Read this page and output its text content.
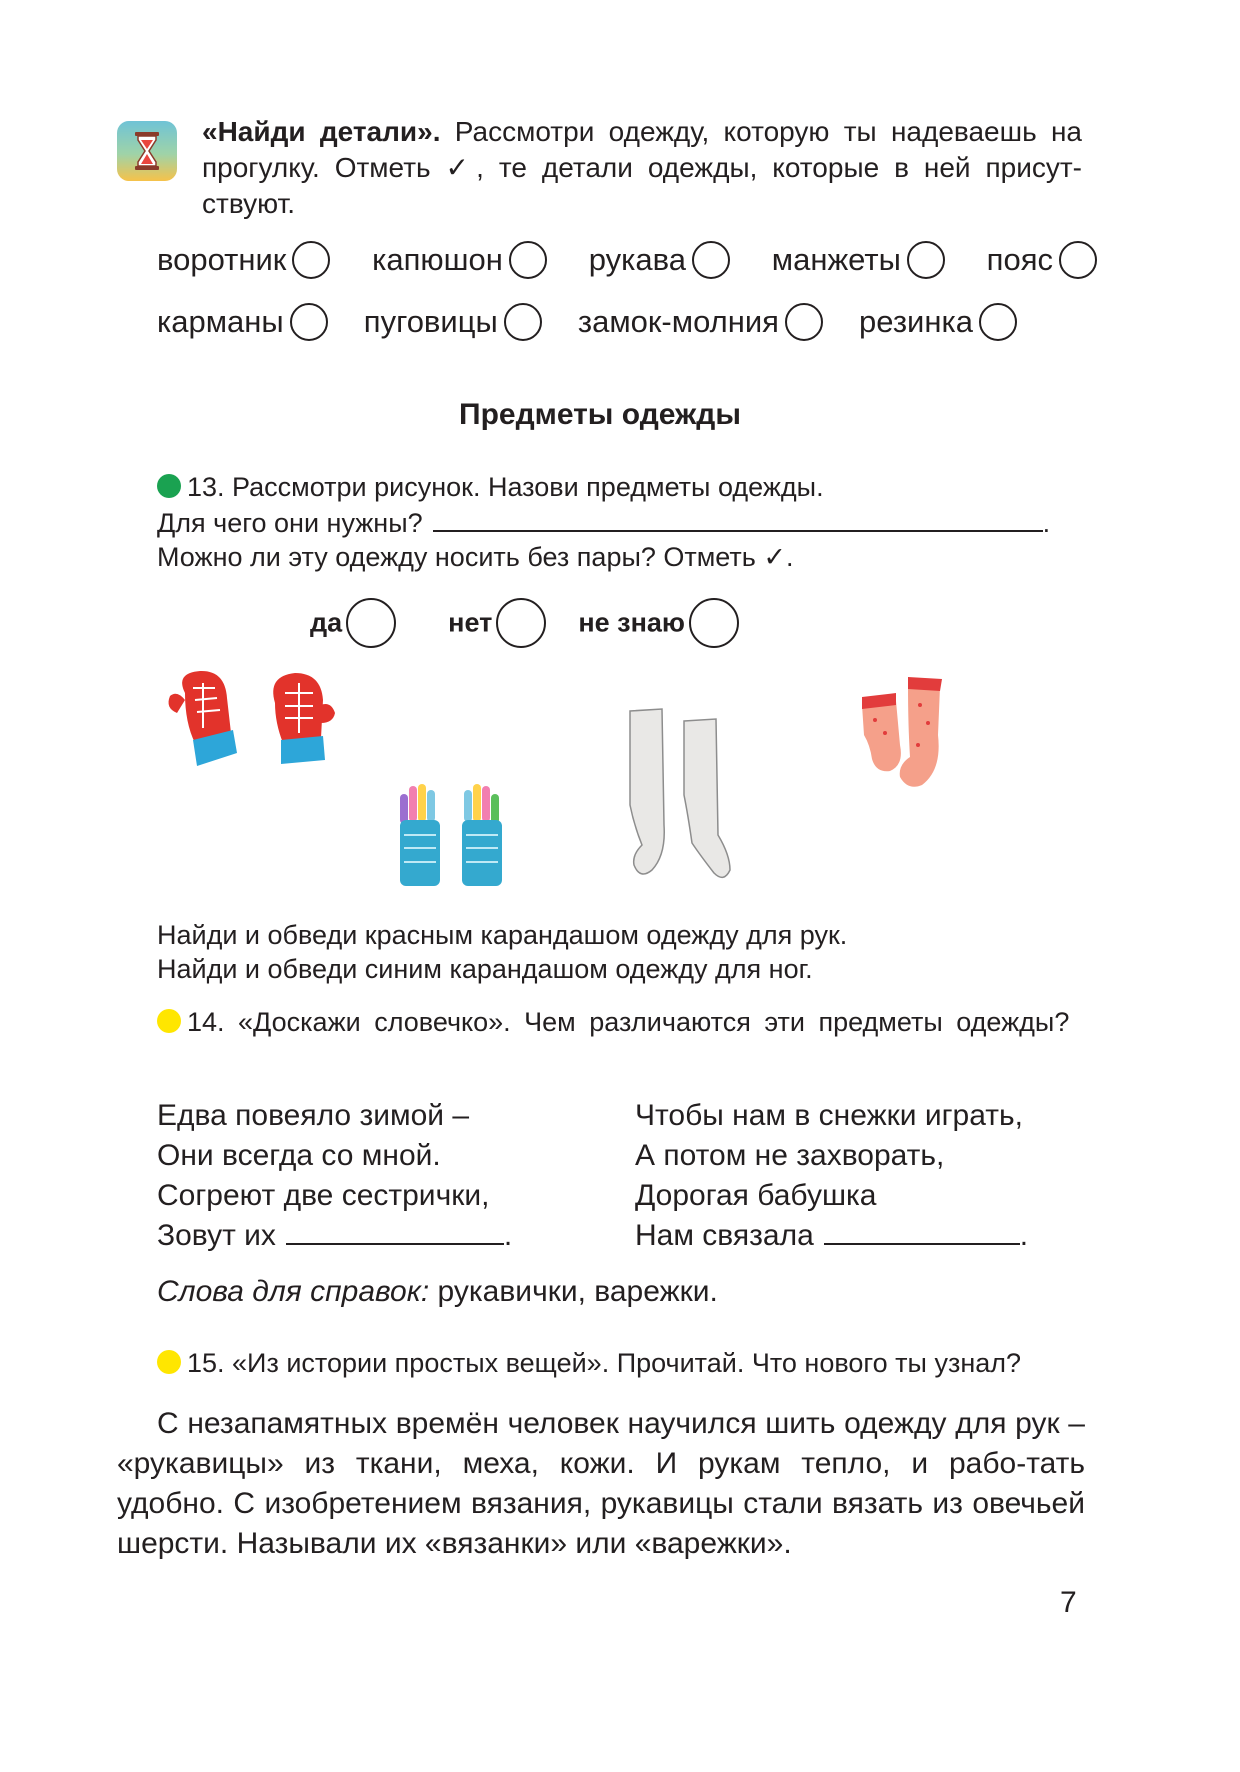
«Найди детали». Рассмотри одежду, которую ты надеваешь на прогулку. Отметь ✓, те детали одежды, которые в ней присут-ствуют.
воротник	капюшон	рукава	манжеты	пояс
карманы	пуговицы	замок-молния	резинка
Предметы одежды
13. Рассмотри рисунок. Назови предметы одежды.
Для чего они нужны?	.
Можно ли эту одежду носить без пары? Отметь ✓.
да	нет	не знаю
Найди и обведи красным карандашом одежду для рук.
Найди и обведи синим карандашом одежду для ног.
14. «Доскажи словечко». Чем различаются эти предметы одежды?
Едва повеяло зимой –
Они всегда со мной.
Согреют две сестрички,
Зовут их	.
Чтобы нам в снежки играть,
А потом не захворать,
Дорогая бабушка
Нам связала	.
Слова для справок: рукавички, варежки.
15. «Из истории простых вещей». Прочитай. Что нового ты узнал?
С незапамятных времён человек научился шить одежду для рук – «рукавицы» из ткани, меха, кожи. И рукам тепло, и рабо-тать удобно. С изобретением вязания, рукавицы стали вязать из овечьей шерсти. Называли их «вязанки» или «варежки».
7
